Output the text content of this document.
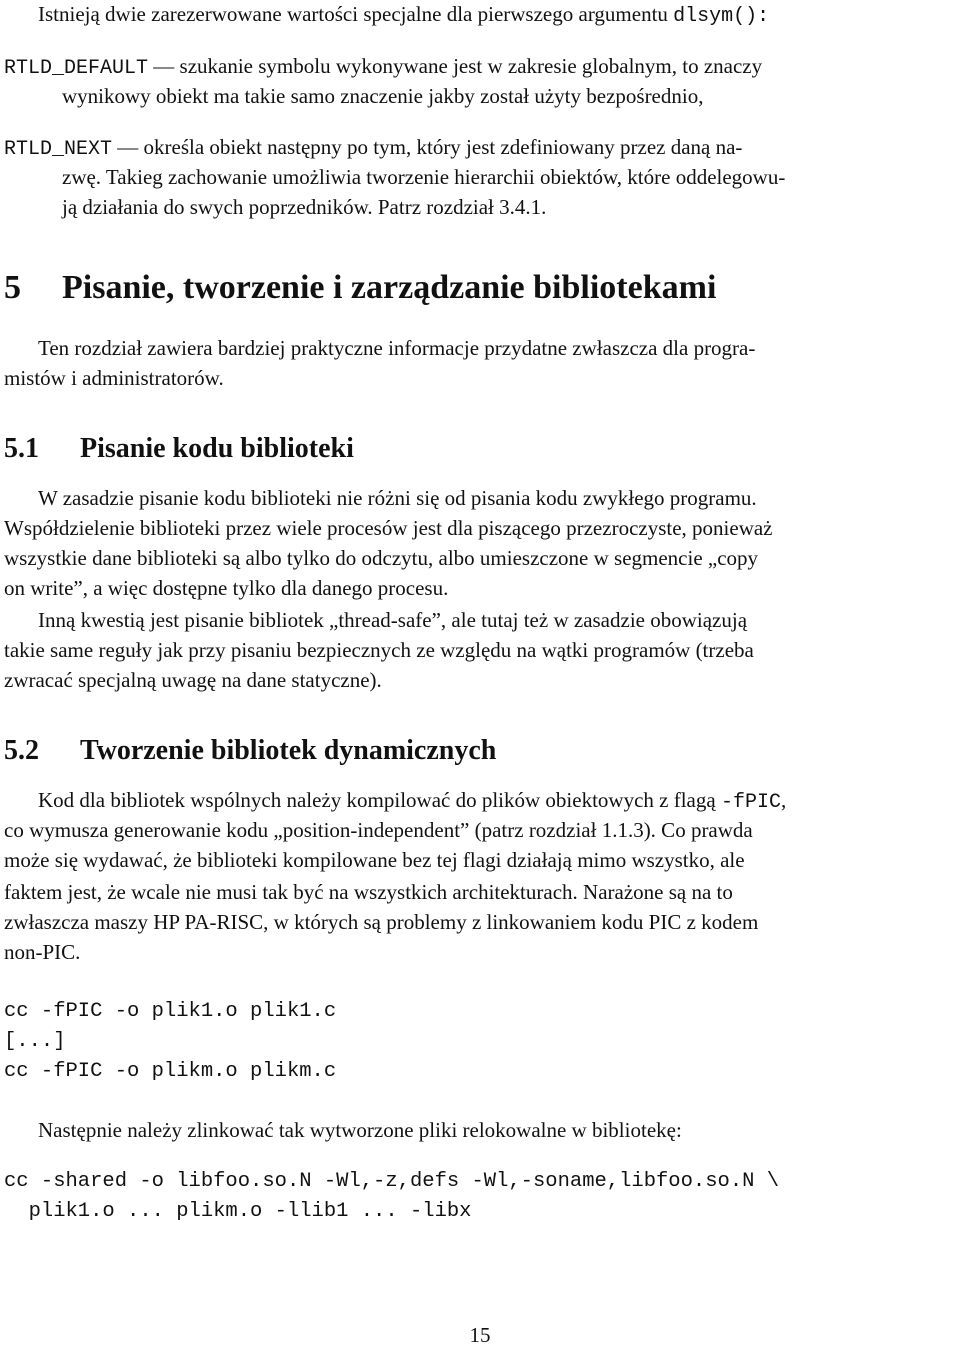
Istnieją dwie zarezerwowane wartości specjalne dla pierwszego argumentu dlsym():
RTLD_DEFAULT — szukanie symbolu wykonywane jest w zakresie globalnym, to znaczy
wynikowy obiekt ma takie samo znaczenie jakby został użyty bezpośrednio,
RTLD_NEXT — określa obiekt następny po tym, który jest zdefiniowany przez daną na-
zwę. Takieg zachowanie umożliwia tworzenie hierarchii obiektów, które oddelegowu-
ją działania do swych poprzedników. Patrz rozdział 3.4.1.
5 Pisanie, tworzenie i zarządzanie bibliotekami
Ten rozdział zawiera bardziej praktyczne informacje przydatne zwłaszcza dla progra-
mistów i administratorów.
5.1 Pisanie kodu biblioteki
W zasadzie pisanie kodu biblioteki nie różni się od pisania kodu zwykłego programu.
Współdzielenie biblioteki przez wiele procesów jest dla piszącego przezroczyste, ponieważ
wszystkie dane biblioteki są albo tylko do odczytu, albo umieszczone w segmencie „copy
on write”, a więc dostępne tylko dla danego procesu.
Inną kwestią jest pisanie bibliotek „thread-safe”, ale tutaj też w zasadzie obowiązują
takie same reguły jak przy pisaniu bezpiecznych ze względu na wątki programów (trzeba
zwracać specjalną uwagę na dane statyczne).
5.2 Tworzenie bibliotek dynamicznych
Kod dla bibliotek wspólnych należy kompilować do plików obiektowych z flagą -fPIC,
co wymusza generowanie kodu „position-independent” (patrz rozdział 1.1.3). Co prawda
może się wydawać, że biblioteki kompilowane bez tej flagi działają mimo wszystko, ale
faktem jest, że wcale nie musi tak być na wszystkich architekturach. Narażone są na to
zwłaszcza maszy HP PA-RISC, w których są problemy z linkowaniem kodu PIC z kodem
non-PIC.
cc -fPIC -o plik1.o plik1.c
[...]
cc -fPIC -o plikm.o plikm.c
Następnie należy zlinkować tak wytworzone pliki relokowalne w bibliotekę:
cc -shared -o libfoo.so.N -Wl,-z,defs -Wl,-soname,libfoo.so.N \
plik1.o ... plikm.o -llib1 ... -libx
15
